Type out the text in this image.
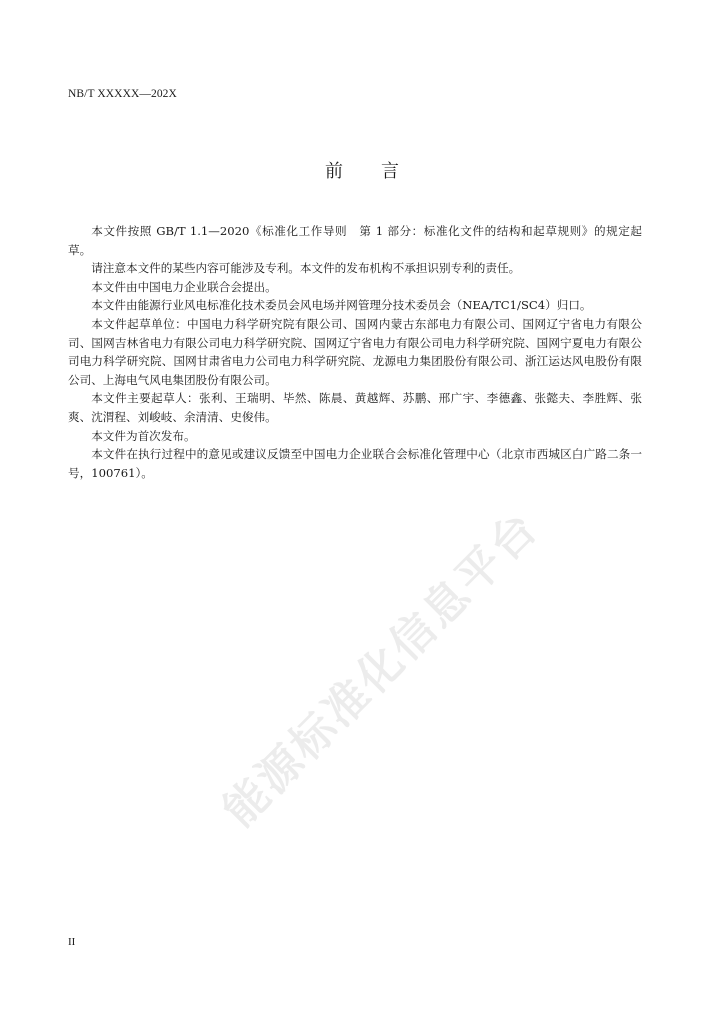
NB/T XXXXX—202X
前言

本文件按照 GB/T 1.1—2020《标准化工作导则　第 1 部分：标准化文件的结构和起草规则》的规定起草。

请注意本文件的某些内容可能涉及专利。本文件的发布机构不承担识别专利的责任。

本文件由中国电力企业联合会提出。

本文件由能源行业风电标准化技术委员会风电场并网管理分技术委员会（NEA/TC1/SC4）归口。

本文件起草单位：中国电力科学研究院有限公司、国网内蒙古东部电力有限公司、国网辽宁省电力有限公司、国网吉林省电力有限公司电力科学研究院、国网辽宁省电力有限公司电力科学研究院、国网宁夏电力有限公司电力科学研究院、国网甘肃省电力公司电力科学研究院、龙源电力集团股份有限公司、浙江运达风电股份有限公司、上海电气风电集团股份有限公司。

本文件主要起草人：张利、王瑞明、毕然、陈晨、黄越辉、苏鹏、邢广宇、李德鑫、张懿夫、李胜辉、张爽、沈渭程、刘峻岐、余清清、史俊伟。

本文件为首次发布。

本文件在执行过程中的意见或建议反馈至中国电力企业联合会标准化管理中心（北京市西城区白广路二条一号，100761）。

能源标准化信息平台
II
